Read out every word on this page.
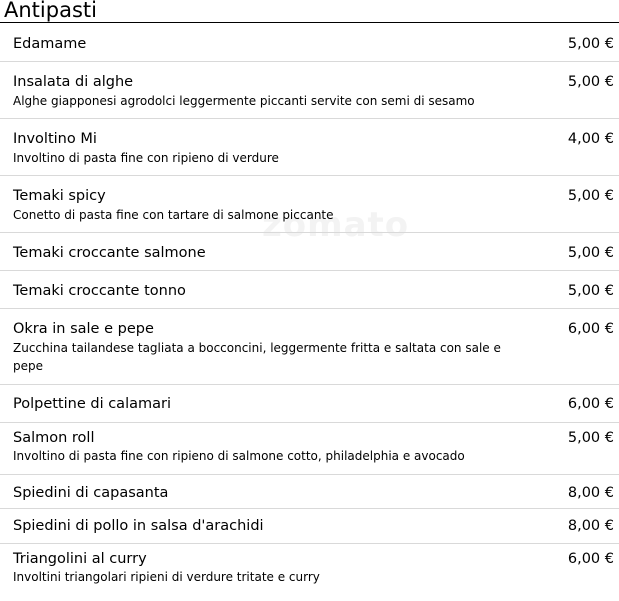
Antipasti
zomato
Edamame	5,00 €
Insalata di alghe	5,00 €
Alghe giapponesi agrodolci leggermente piccanti servite con semi di sesamo
Involtino Mi	4,00 €
Involtino di pasta fine con ripieno di verdure
Temaki spicy	5,00 €
Conetto di pasta fine con tartare di salmone piccante
Temaki croccante salmone	5,00 €
Temaki croccante tonno	5,00 €
Okra in sale e pepe	6,00 €
Zucchina tailandese tagliata a bocconcini, leggermente fritta e saltata con sale e pepe
Polpettine di calamari	6,00 €
Salmon roll	5,00 €
Involtino di pasta fine con ripieno di salmone cotto, philadelphia e avocado
Spiedini di capasanta	8,00 €
Spiedini di pollo in salsa d'arachidi	8,00 €
Triangolini al curry	6,00 €
Involtini triangolari ripieni di verdure tritate e curry
